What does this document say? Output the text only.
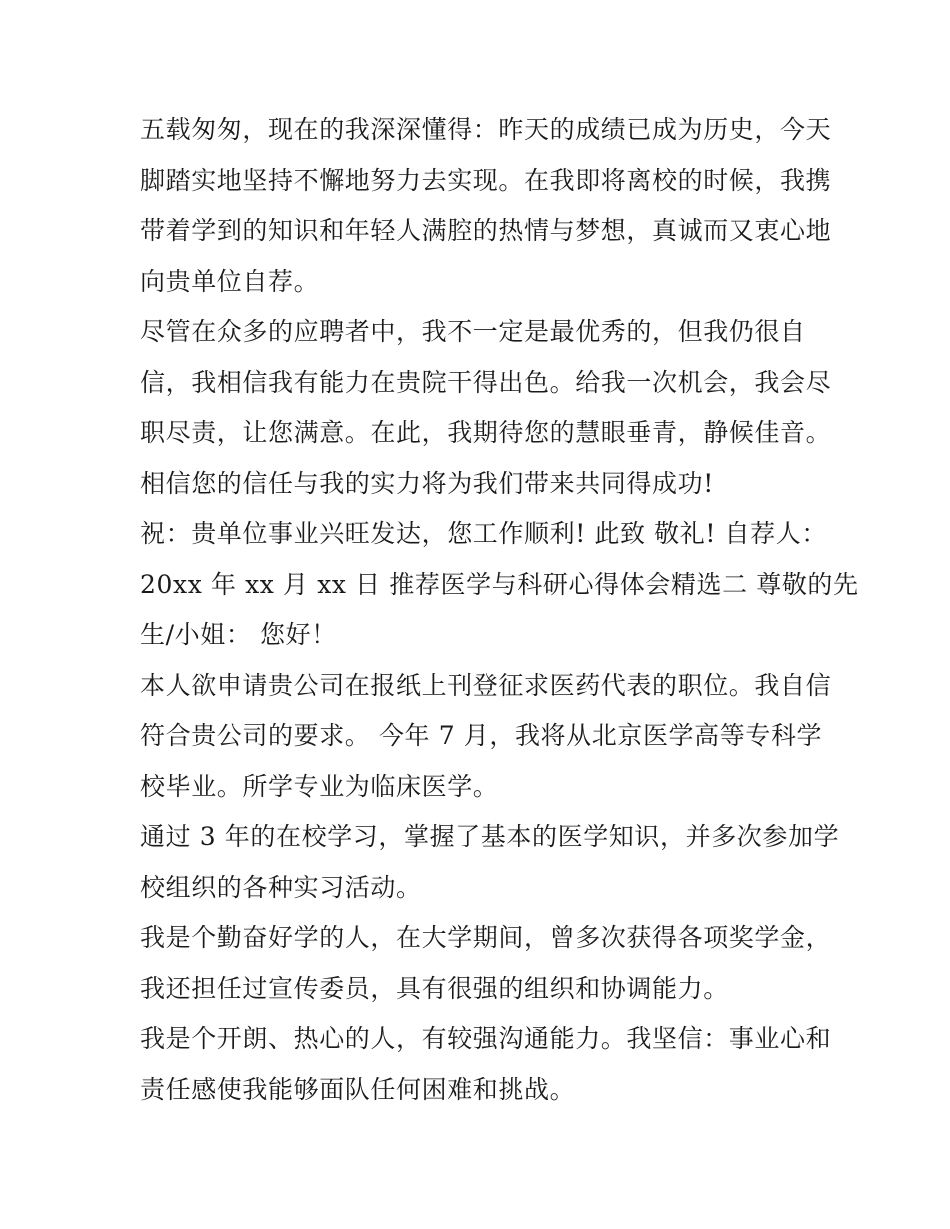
五载匆匆，现在的我深深懂得：昨天的成绩已成为历史，今天
脚踏实地坚持不懈地努力去实现。在我即将离校的时候，我携
带着学到的知识和年轻人满腔的热情与梦想，真诚而又衷心地
向贵单位自荐。

尽管在众多的应聘者中，我不一定是最优秀的，但我仍很自
信，我相信我有能力在贵院干得出色。给我一次机会，我会尽
职尽责，让您满意。在此，我期待您的慧眼垂青，静候佳音。
相信您的信任与我的实力将为我们带来共同得成功!

祝：贵单位事业兴旺发达，您工作顺利! 此致 敬礼! 自荐人：
20xx 年 xx 月 xx 日 推荐医学与科研心得体会精选二 尊敬的先
生/小姐： 您好！

本人欲申请贵公司在报纸上刊登征求医药代表的职位。我自信
符合贵公司的要求。 今年 7 月，我将从北京医学高等专科学
校毕业。所学专业为临床医学。

通过 3 年的在校学习，掌握了基本的医学知识，并多次参加学
校组织的各种实习活动。

我是个勤奋好学的人，在大学期间，曾多次获得各项奖学金，
我还担任过宣传委员，具有很强的组织和协调能力。

我是个开朗、热心的人，有较强沟通能力。我坚信：事业心和
责任感使我能够面队任何困难和挑战。
